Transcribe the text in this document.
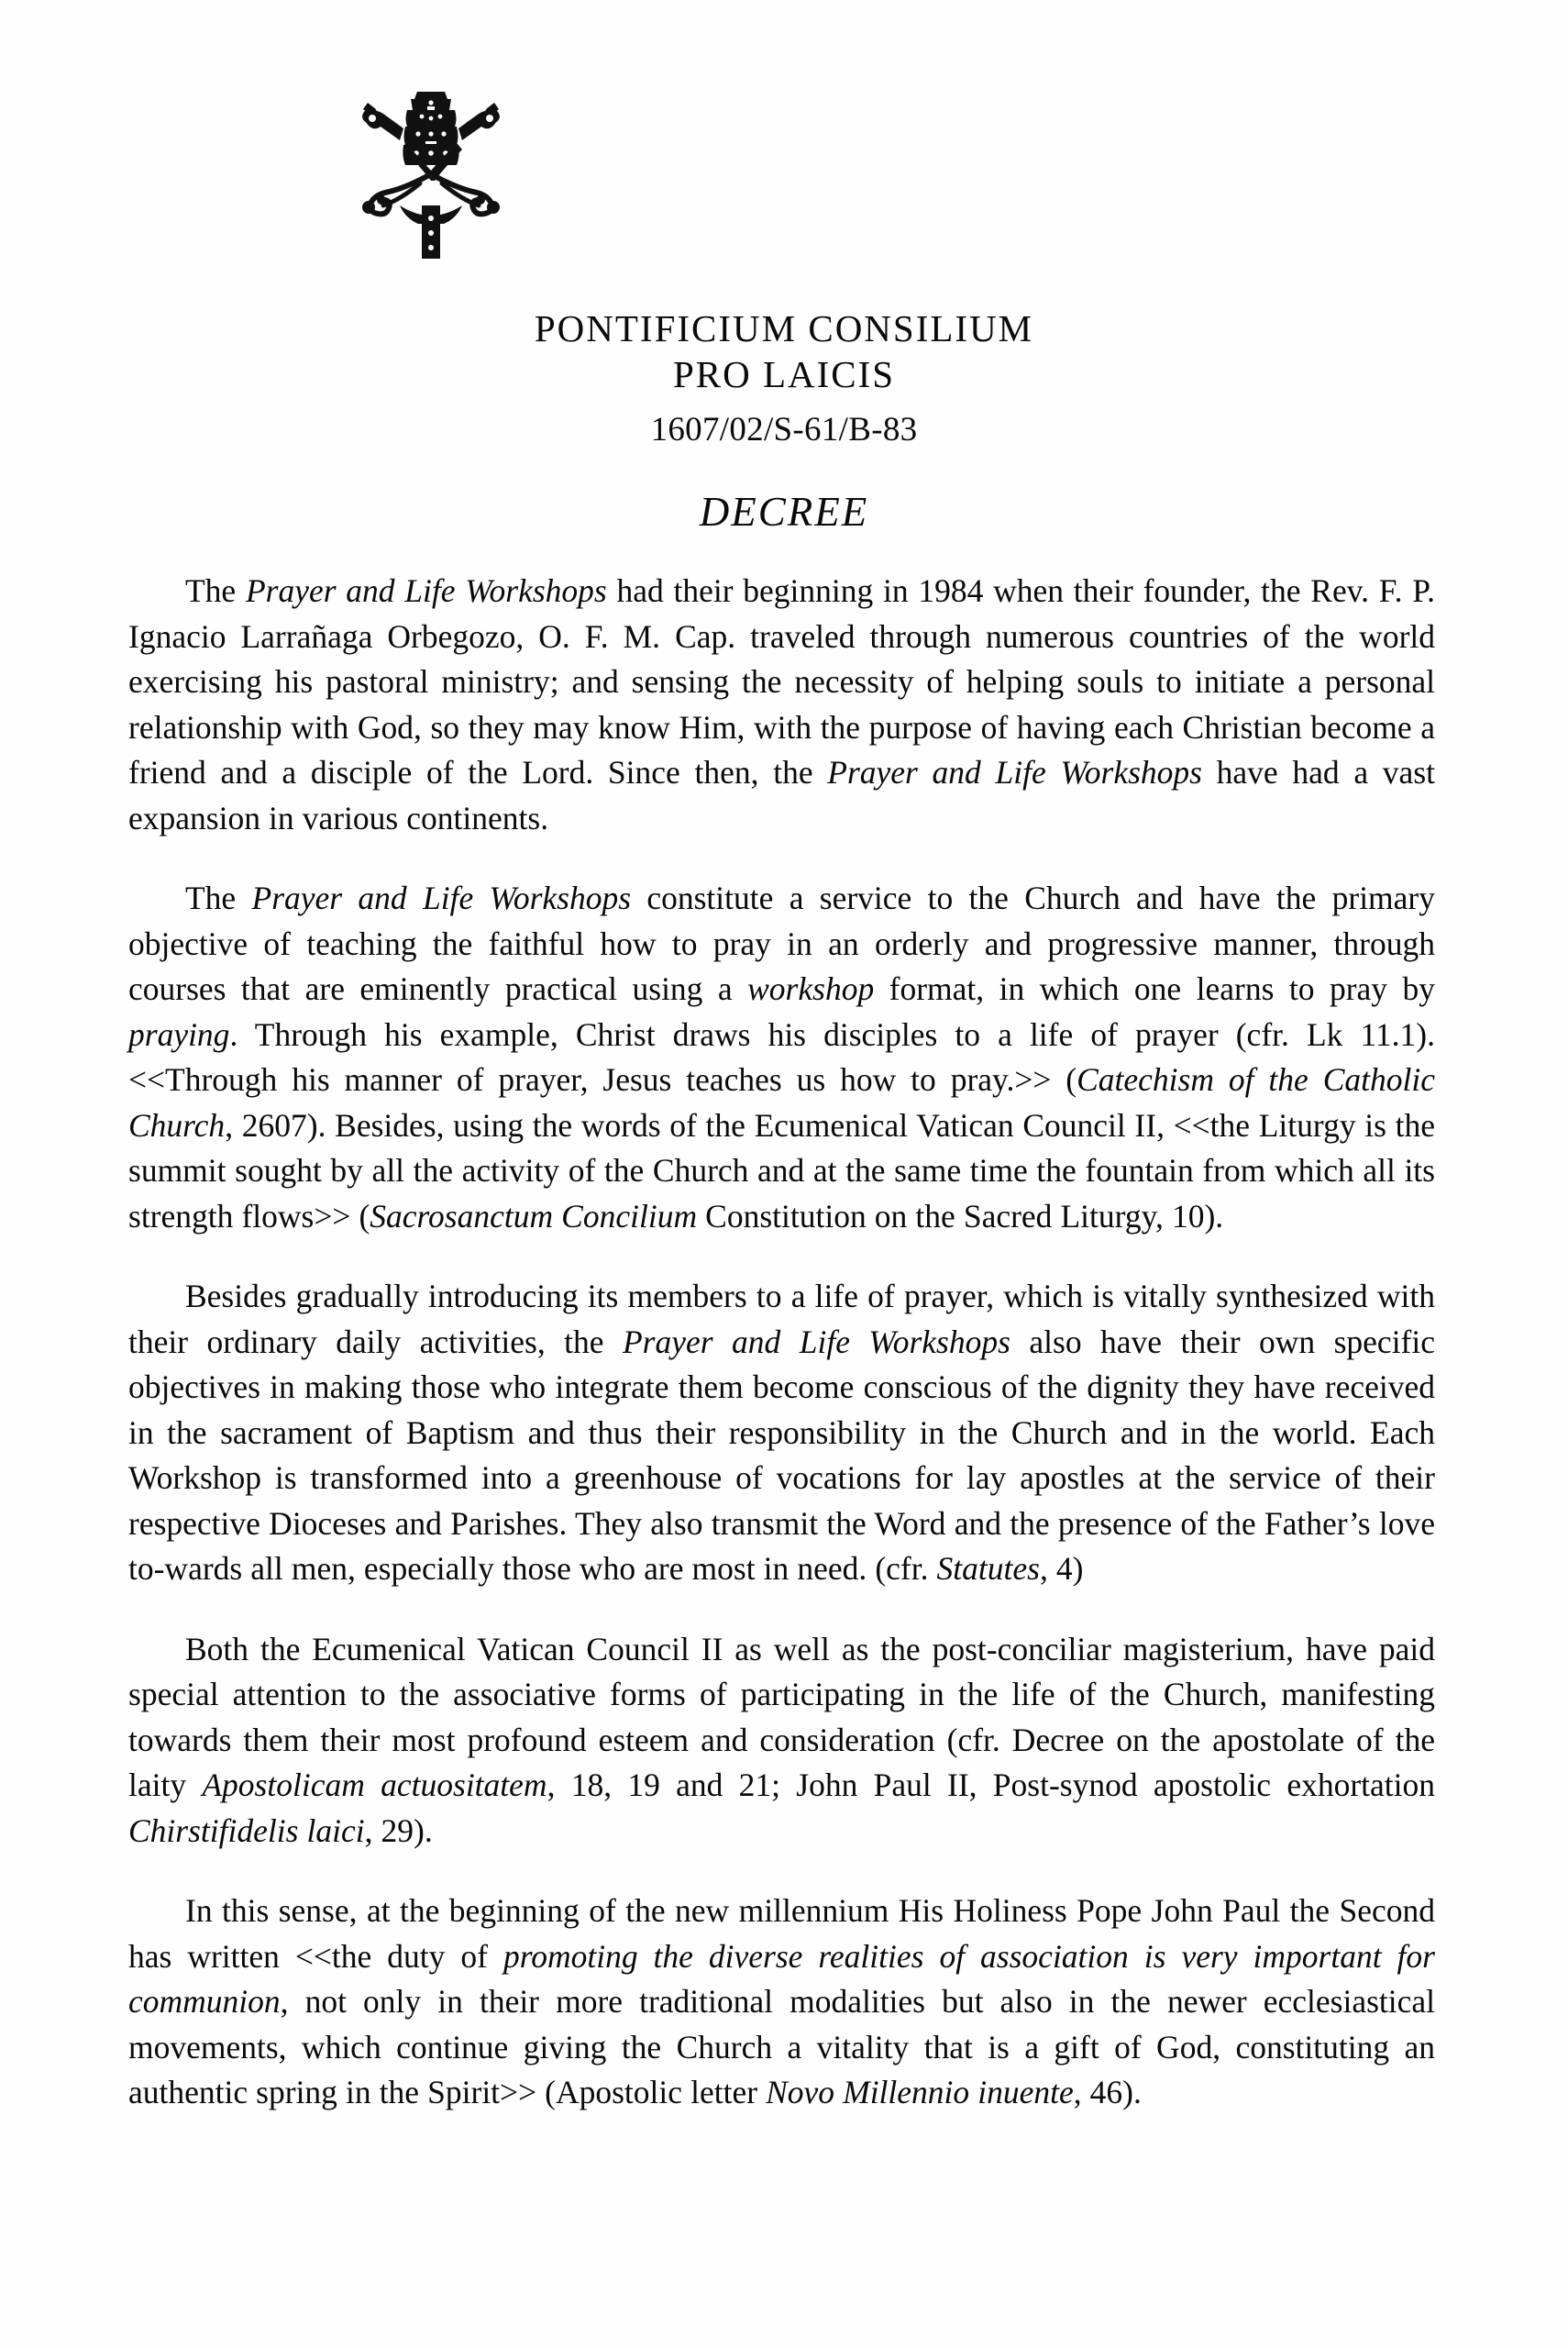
PONTIFICIUM CONSILIUM
PRO LAICIS
1607/02/S-61/B-83
DECREE

The Prayer and Life Workshops had their beginning in 1984 when their founder, the Rev. F. P. Ignacio Larrañaga Orbegozo, O. F. M. Cap. traveled through numerous countries of the world exercising his pastoral ministry; and sensing the necessity of helping souls to initiate a personal relationship with God, so they may know Him, with the purpose of having each Christian become a friend and a disciple of the Lord. Since then, the Prayer and Life Workshops have had a vast expansion in various continents.

The Prayer and Life Workshops constitute a service to the Church and have the primary objective of teaching the faithful how to pray in an orderly and progressive manner, through courses that are eminently practical using a workshop format, in which one learns to pray by praying. Through his example, Christ draws his disciples to a life of prayer (cfr. Lk 11.1). <<Through his manner of prayer, Jesus teaches us how to pray.>> (Catechism of the Catholic Church, 2607). Besides, using the words of the Ecumenical Vatican Council II, <<the Liturgy is the summit sought by all the activity of the Church and at the same time the fountain from which all its strength flows>> (Sacrosanctum Concilium Constitution on the Sacred Liturgy, 10).

Besides gradually introducing its members to a life of prayer, which is vitally synthesized with their ordinary daily activities, the Prayer and Life Workshops also have their own specific objectives in making those who integrate them become conscious of the dignity they have received in the sacrament of Baptism and thus their responsibility in the Church and in the world. Each Workshop is transformed into a greenhouse of vocations for lay apostles at the service of their respective Dioceses and Parishes. They also transmit the Word and the presence of the Father’s love to-wards all men, especially those who are most in need. (cfr. Statutes, 4)

Both the Ecumenical Vatican Council II as well as the post-conciliar magisterium, have paid special attention to the associative forms of participating in the life of the Church, manifesting towards them their most profound esteem and consideration (cfr. Decree on the apostolate of the laity Apostolicam actuositatem, 18, 19 and 21; John Paul II, Post-synod apostolic exhortation Chirstifidelis laici, 29).

In this sense, at the beginning of the new millennium His Holiness Pope John Paul the Second has written <<the duty of promoting the diverse realities of association is very important for communion, not only in their more traditional modalities but also in the newer ecclesiastical movements, which continue giving the Church a vitality that is a gift of God, constituting an authentic spring in the Spirit>> (Apostolic letter Novo Millennio inuente, 46).
